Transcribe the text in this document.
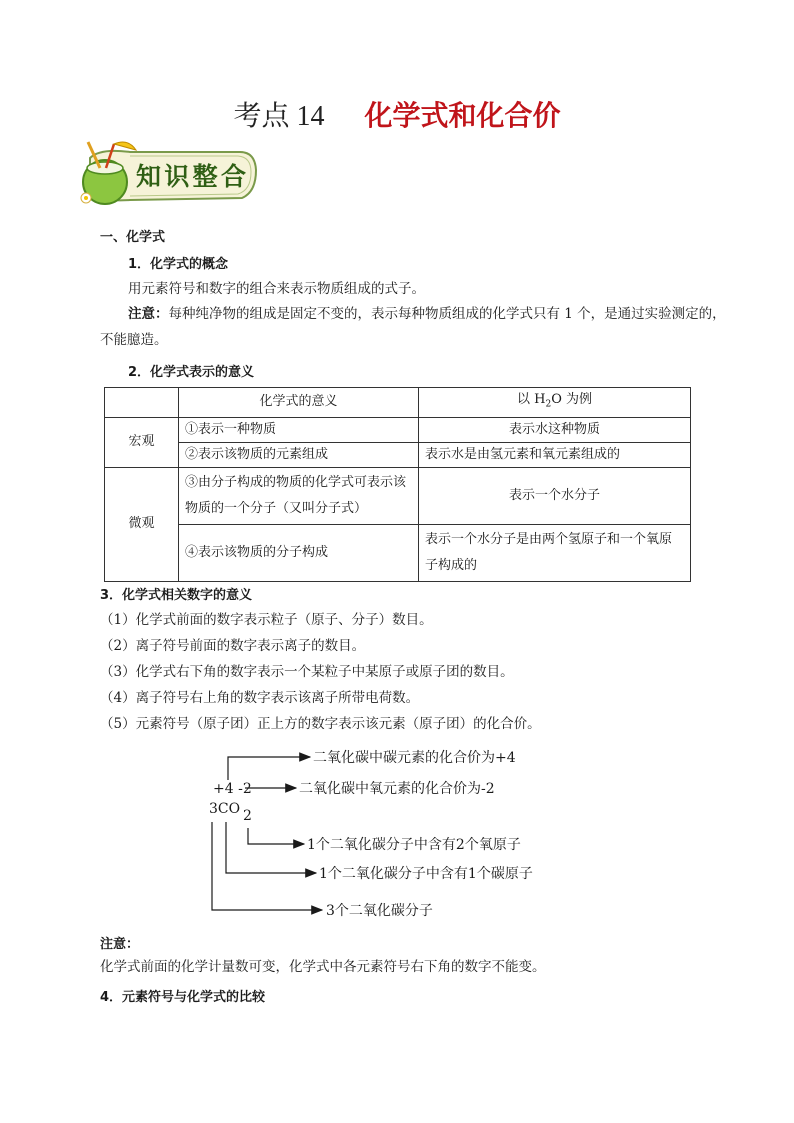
考点 14 化学式和化合价
知识整合
一、化学式
1．化学式的概念
用元素符号和数字的组合来表示物质组成的式子。
注意：每种纯净物的组成是固定不变的，表示每种物质组成的化学式只有 1 个，是通过实验测定的，
不能臆造。
2．化学式表示的意义
	化学式的意义	以 $H_2O$ 为例
宏观	①表示一种物质	表示水这种物质
	②表示该物质的元素组成	表示水是由氢元素和氧元素组成的
微观	③由分子构成的物质的化学式可表示该物质的一个分子（又叫分子式）	表示一个水分子
	④表示该物质的分子构成	表示一个水分子是由两个氢原子和一个氧原子构成的
3．化学式相关数字的意义
（1）化学式前面的数字表示粒子（原子、分子）数目。
（2）离子符号前面的数字表示离子的数目。
（3）化学式右下角的数字表示一个某粒子中某原子或原子团的数目。
（4）离子符号右上角的数字表示该离子所带电荷数。
（5）元素符号（原子团）正上方的数字表示该元素（原子团）的化合价。
+4 -2
3CO 2
二氧化碳中碳元素的化合价为+4
二氧化碳中氧元素的化合价为-2
1个二氧化碳分子中含有2个氧原子
1个二氧化碳分子中含有1个碳原子
3个二氧化碳分子
注意：
化学式前面的化学计量数可变，化学式中各元素符号右下角的数字不能变。
4．元素符号与化学式的比较
